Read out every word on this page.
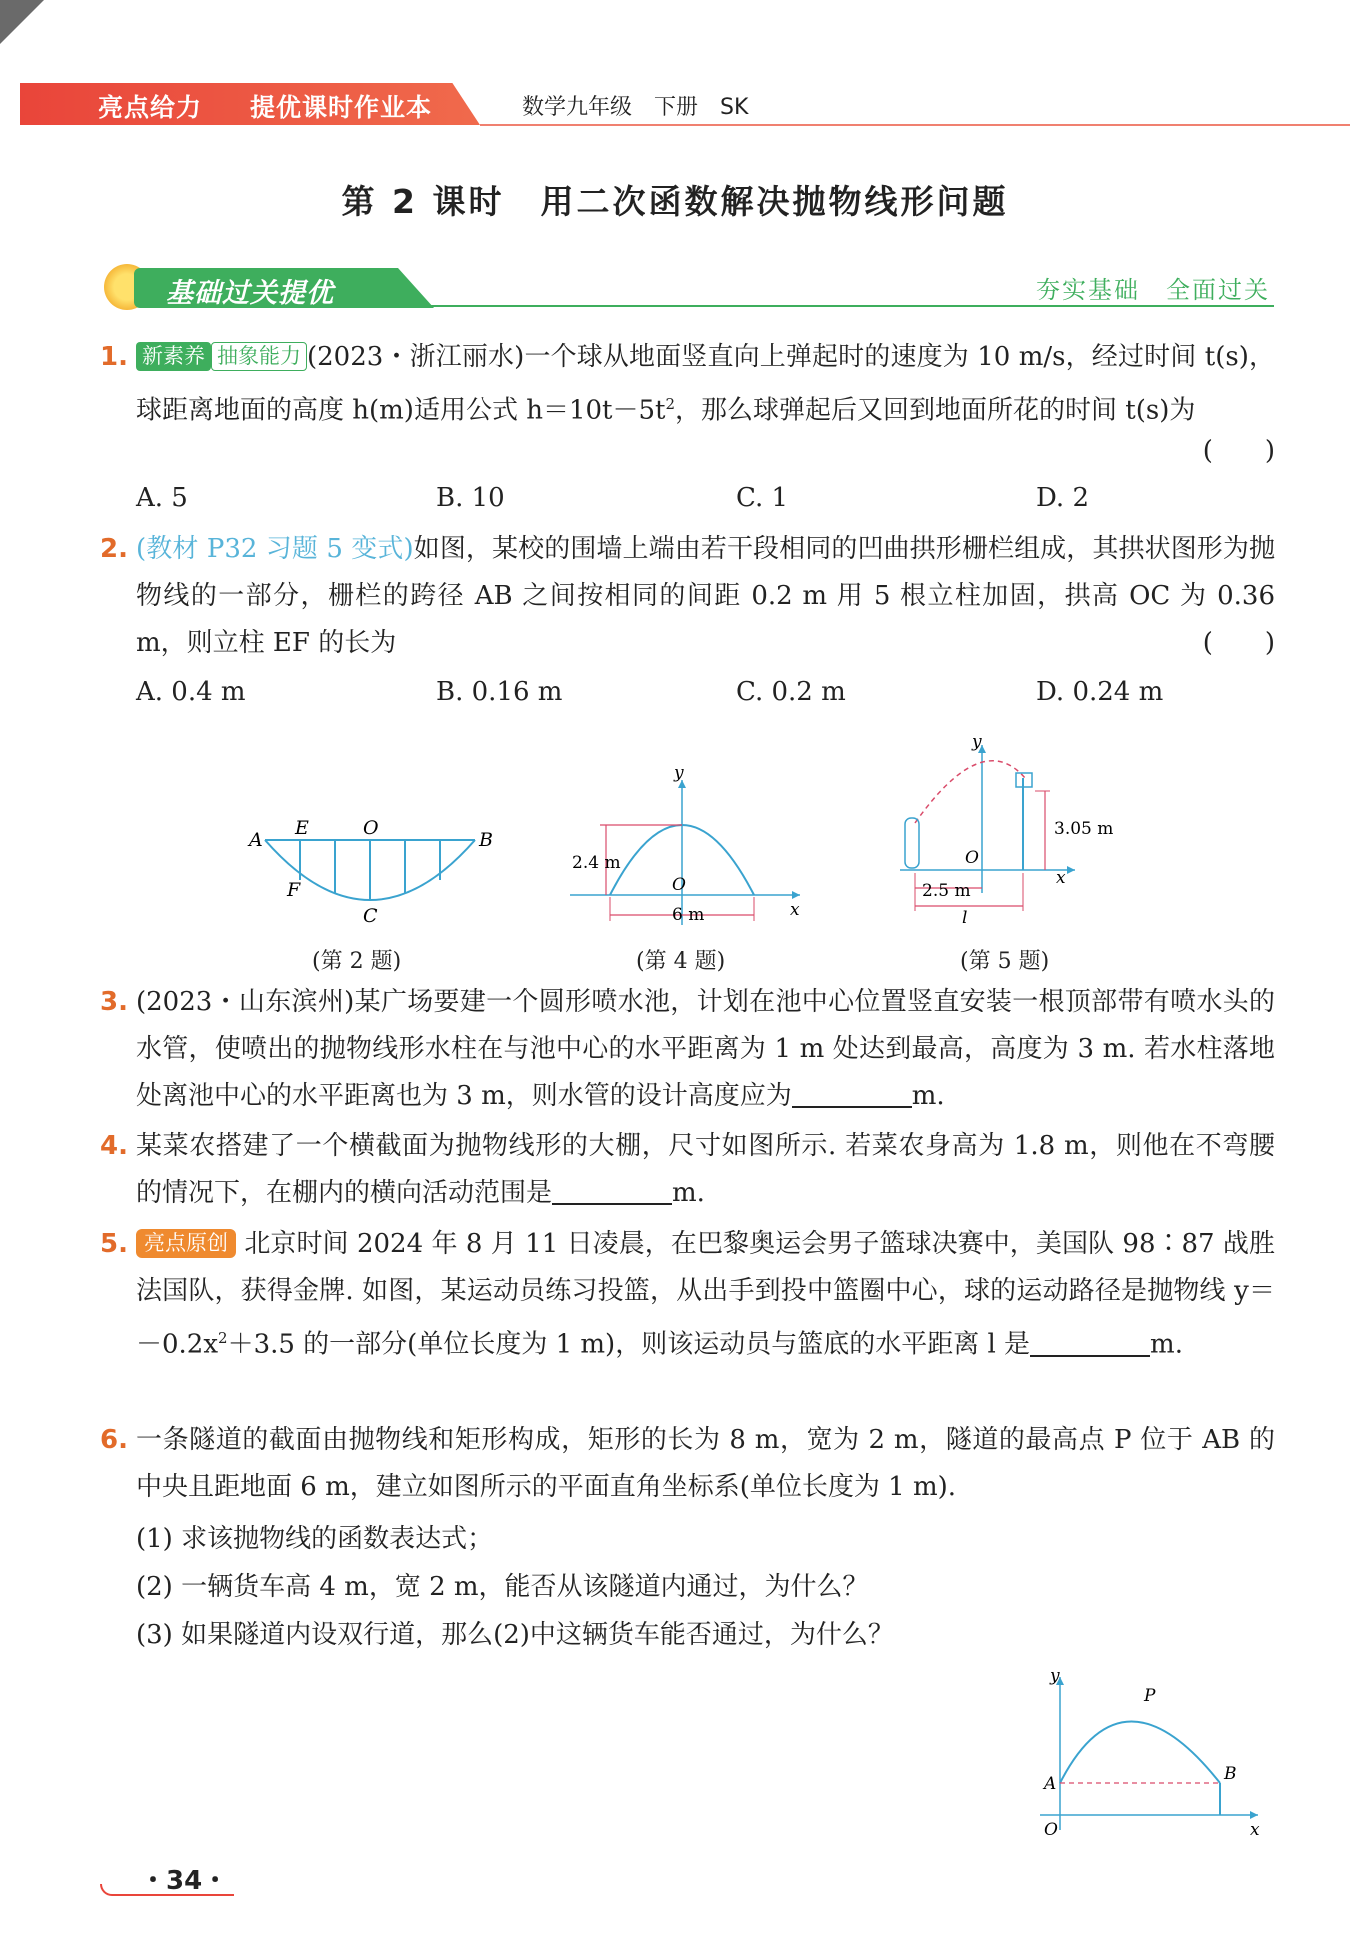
亮点给力 提优课时作业本	数学九年级　下册　SK
第 2 课时　用二次函数解决抛物线形问题
基础过关提优	夯实基础　全面过关
1. 新素养 抽象能力 (2023・浙江丽水)一个球从地面竖直向上弹起时的速度为 10 m/s，经过时间 t(s)，球距离地面的高度 h(m)适用公式 $h=10t-5t^2$，那么球弹起后又回到地面所花的时间 t(s)为
(　　)
A. 5	B. 10	C. 1	D. 2
2. (教材 P32 习题 5 变式)如图，某校的围墙上端由若干段相同的凹曲拱形栅栏组成，其拱状图形为抛物线的一部分，栅栏的跨径 AB 之间按相同的间距 0.2 m 用 5 根立柱加固，拱高 OC 为 0.36 m，则立柱 EF 的长为	(　　)
A. 0.4 m	B. 0.16 m	C. 0.2 m	D. 0.24 m
A
E	O
B
F
C
(第 2 题)
y
2.4 m
O
6 m	x
(第 4 题)
y
3.05 m
O
x
2.5 m
l
(第 5 题)
3. (2023・山东滨州)某广场要建一个圆形喷水池，计划在池中心位置竖直安装一根顶部带有喷水头的水管，使喷出的抛物线形水柱在与池中心的水平距离为 1 m 处达到最高，高度为 3 m. 若水柱落地处离池中心的水平距离也为 3 m，则水管的设计高度应为	m.
4. 某菜农搭建了一个横截面为抛物线形的大棚，尺寸如图所示. 若菜农身高为 1.8 m，则他在不弯腰的情况下，在棚内的横向活动范围是	m.
5. 亮点原创 北京时间 2024 年 8 月 11 日凌晨，在巴黎奥运会男子篮球决赛中，美国队 98∶87 战胜法国队，获得金牌. 如图，某运动员练习投篮，从出手到投中篮圈中心，球的运动路径是抛物线 $y=-0.2x^2+3.5$ 的一部分(单位长度为 1 m)，则该运动员与篮底的水平距离 l 是	m.
6. 一条隧道的截面由抛物线和矩形构成，矩形的长为 8 m，宽为 2 m，隧道的最高点 P 位于 AB 的中央且距地面 6 m，建立如图所示的平面直角坐标系(单位长度为 1 m).
(1) 求该抛物线的函数表达式；
(2) 一辆货车高 4 m，宽 2 m，能否从该隧道内通过，为什么？
(3) 如果隧道内设双行道，那么(2)中这辆货车能否通过，为什么？
y
P
A	B
O	x
・34・
